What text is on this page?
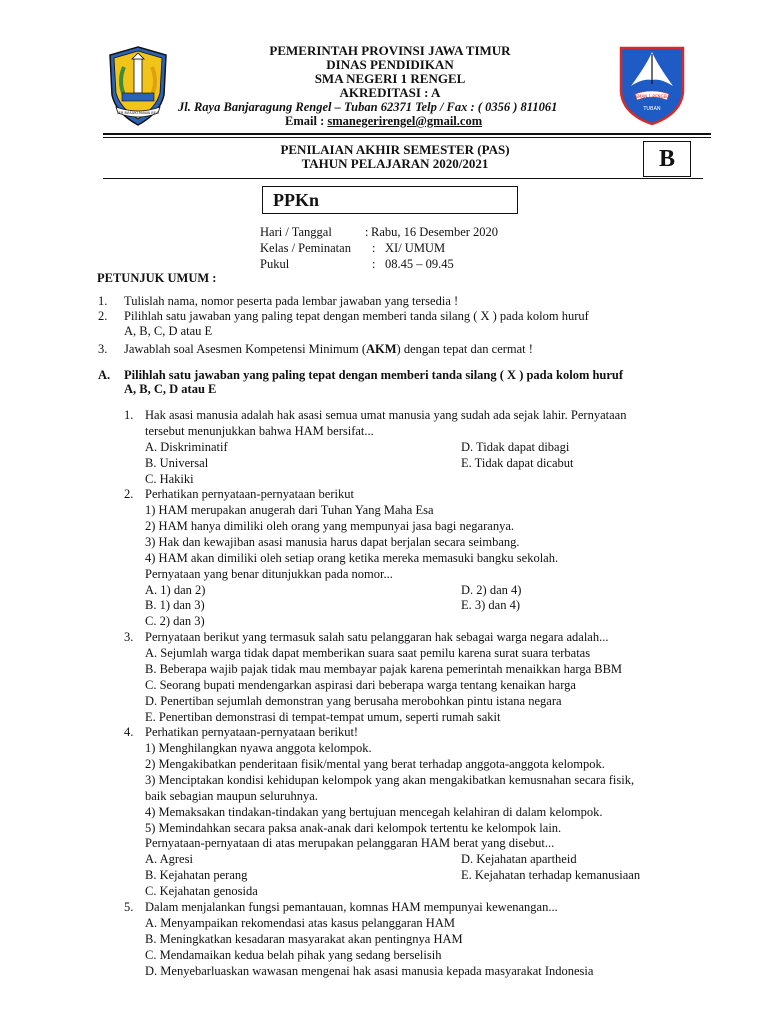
JER BASUKI MAWA BEA
SMAN 1 RENGEL
TUBAN
PEMERINTAH PROVINSI JAWA TIMUR
DINAS PENDIDIKAN
SMA NEGERI 1 RENGEL
AKREDITASI : A
Jl. Raya Banjaragung Rengel – Tuban 62371 Telp / Fax : ( 0356 ) 811061
Email : smanegerirengel@gmail.com
PENILAIAN AKHIR SEMESTER (PAS)
TAHUN PELAJARAN 2020/2021	B
PPKn
Hari / Tanggal	: Rabu, 16 Desember 2020
Kelas / Peminatan : XI/ UMUM
Pukul	: 08.45 – 09.45
PETUNJUK UMUM :
1. Tulislah nama, nomor peserta pada lembar jawaban yang tersedia !
2. Pilihlah satu jawaban yang paling tepat dengan memberi tanda silang ( X ) pada kolom huruf
A, B, C, D atau E
3. Jawablah soal Asesmen Kompetensi Minimum (AKM) dengan tepat dan cermat !
A. Pilihlah satu jawaban yang paling tepat dengan memberi tanda silang ( X ) pada kolom huruf
A, B, C, D atau E
1. Hak asasi manusia adalah hak asasi semua umat manusia yang sudah ada sejak lahir. Pernyataan
tersebut menunjukkan bahwa HAM bersifat...
A. Diskriminatif	D. Tidak dapat dibagi
B. Universal	E. Tidak dapat dicabut
C. Hakiki
2. Perhatikan pernyataan-pernyataan berikut
1) HAM merupakan anugerah dari Tuhan Yang Maha Esa
2) HAM hanya dimiliki oleh orang yang mempunyai jasa bagi negaranya.
3) Hak dan kewajiban asasi manusia harus dapat berjalan secara seimbang.
4) HAM akan dimiliki oleh setiap orang ketika mereka memasuki bangku sekolah.
Pernyataan yang benar ditunjukkan pada nomor...
A. 1) dan 2)	D. 2) dan 4)
B. 1) dan 3)	E. 3) dan 4)
C. 2) dan 3)
3. Pernyataan berikut yang termasuk salah satu pelanggaran hak sebagai warga negara adalah...
A. Sejumlah warga tidak dapat memberikan suara saat pemilu karena surat suara terbatas
B. Beberapa wajib pajak tidak mau membayar pajak karena pemerintah menaikkan harga BBM
C. Seorang bupati mendengarkan aspirasi dari beberapa warga tentang kenaikan harga
D. Penertiban sejumlah demonstran yang berusaha merobohkan pintu istana negara
E. Penertiban demonstrasi di tempat-tempat umum, seperti rumah sakit
4. Perhatikan pernyataan-pernyataan berikut!
1) Menghilangkan nyawa anggota kelompok.
2) Mengakibatkan penderitaan fisik/mental yang berat terhadap anggota-anggota kelompok.
3) Menciptakan kondisi kehidupan kelompok yang akan mengakibatkan kemusnahan secara fisik,
baik sebagian maupun seluruhnya.
4) Memaksakan tindakan-tindakan yang bertujuan mencegah kelahiran di dalam kelompok.
5) Memindahkan secara paksa anak-anak dari kelompok tertentu ke kelompok lain.
Pernyataan-pernyataan di atas merupakan pelanggaran HAM berat yang disebut...
A. Agresi	D. Kejahatan apartheid
B. Kejahatan perang	E. Kejahatan terhadap kemanusiaan
C. Kejahatan genosida
5. Dalam menjalankan fungsi pemantauan, komnas HAM mempunyai kewenangan...
A. Menyampaikan rekomendasi atas kasus pelanggaran HAM
B. Meningkatkan kesadaran masyarakat akan pentingnya HAM
C. Mendamaikan kedua belah pihak yang sedang berselisih
D. Menyebarluaskan wawasan mengenai hak asasi manusia kepada masyarakat Indonesia
